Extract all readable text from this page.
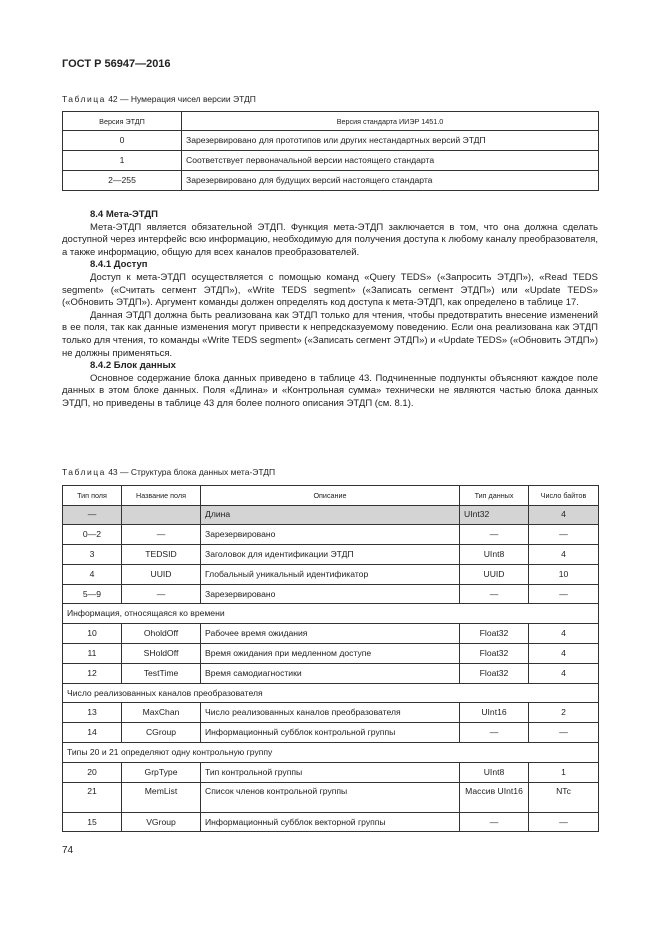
ГОСТ Р 56947—2016
Таблица 42 — Нумерация чисел версии ЭТДП
Версия ЭТДП	Версия стандарта ИИЭР 1451.0
0	Зарезервировано для прототипов или других нестандартных версий ЭТДП
1	Соответствует первоначальной версии настоящего стандарта
2—255	Зарезервировано для будущих версий настоящего стандарта
8.4 Мета-ЭТДП

Мета-ЭТДП является обязательной ЭТДП. Функция мета-ЭТДП заключается в том, что она должна сделать доступной через интерфейс всю информацию, необходимую для получения доступа к любому каналу преобразователя, а также информацию, общую для всех каналов преобразователей.

8.4.1 Доступ

Доступ к мета-ЭТДП осуществляется с помощью команд «Query TEDS» («Запросить ЭТДП»), «Read TEDS segment» («Считать сегмент ЭТДП»), «Write TEDS segment» («Записать сегмент ЭТДП») или «Update TEDS» («Обновить ЭТДП»). Аргумент команды должен определять код доступа к мета-ЭТДП, как определено в таблице 17.

Данная ЭТДП должна быть реализована как ЭТДП только для чтения, чтобы предотвратить внесение изменений в ее поля, так как данные изменения могут привести к непредсказуемому поведению. Если она реализована как ЭТДП только для чтения, то команды «Write TEDS segment» («Записать сегмент ЭТДП») и «Update TEDS» («Обновить ЭТДП») не должны применяться.

8.4.2 Блок данных

Основное содержание блока данных приведено в таблице 43. Подчиненные подпункты объясняют каждое поле данных в этом блоке данных. Поля «Длина» и «Контрольная сумма» технически не являются частью блока данных ЭТДП, но приведены в таблице 43 для более полного описания ЭТДП (см. 8.1).

Таблица 43 — Структура блока данных мета-ЭТДП
Тип поля	Название поля	Описание	Тип данных	Число байтов
—		Длина	UInt32	4
0—2	—	Зарезервировано	—	—
3	TEDSID	Заголовок для идентификации ЭТДП	UInt8	4
4	UUID	Глобальный уникальный идентификатор	UUID	10
5—9	—	Зарезервировано	—	—
Информация, относящаяся ко времени				
10	OholdOff	Рабочее время ожидания	Float32	4
11	SHoldOff	Время ожидания при медленном доступе	Float32	4
12	TestTime	Время самодиагностики	Float32	4
Число реализованных каналов преобразователя				
13	MaxChan	Число реализованных каналов преобразователя	UInt16	2
14	CGroup	Информационный субблок контрольной группы	—	—
Типы 20 и 21 определяют одну контрольную группу				
20	GrpType	Тип контрольной группы	UInt8	1
21	MemList	Список членов контрольной группы	Массив UInt16	NTc
15	VGroup	Информационный субблок векторной группы	—	—
74
